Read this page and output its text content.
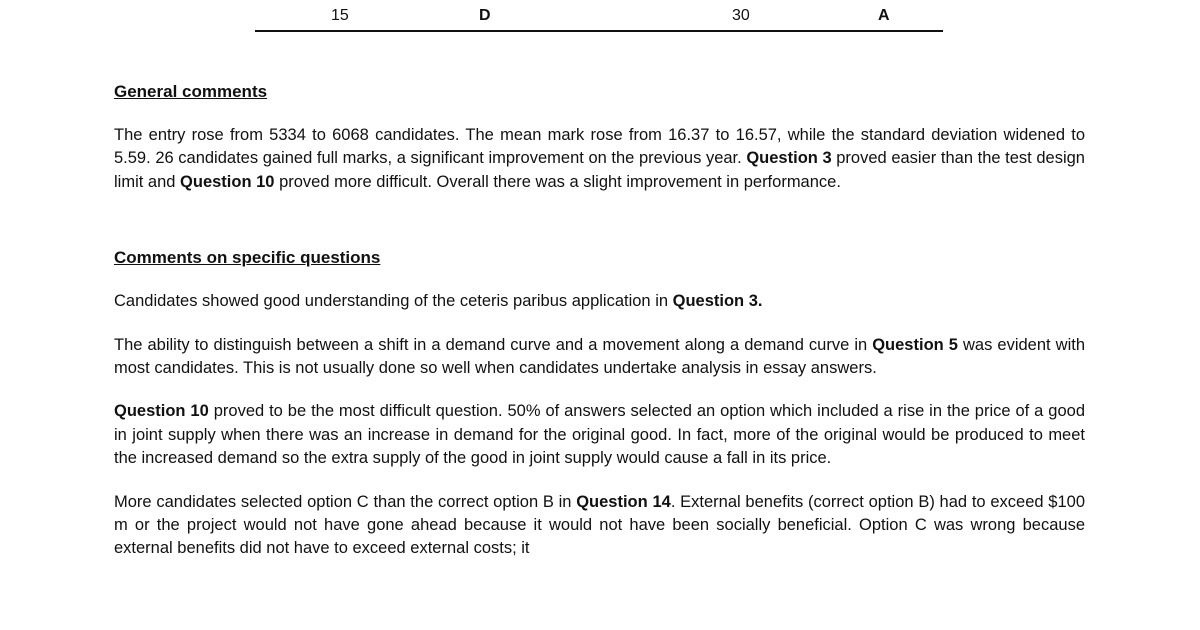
15	D	30	A
General comments

The entry rose from 5334 to 6068 candidates. The mean mark rose from 16.37 to 16.57, while the standard deviation widened to 5.59. 26 candidates gained full marks, a significant improvement on the previous year. Question 3 proved easier than the test design limit and Question 10 proved more difficult. Overall there was a slight improvement in performance.

Comments on specific questions

Candidates showed good understanding of the ceteris paribus application in Question 3.

The ability to distinguish between a shift in a demand curve and a movement along a demand curve in Question 5 was evident with most candidates. This is not usually done so well when candidates undertake analysis in essay answers.

Question 10 proved to be the most difficult question. 50% of answers selected an option which included a rise in the price of a good in joint supply when there was an increase in demand for the original good. In fact, more of the original would be produced to meet the increased demand so the extra supply of the good in joint supply would cause a fall in its price.

More candidates selected option C than the correct option B in Question 14. External benefits (correct option B) had to exceed $100 m or the project would not have gone ahead because it would not have been socially beneficial. Option C was wrong because external benefits did not have to exceed external costs; it
